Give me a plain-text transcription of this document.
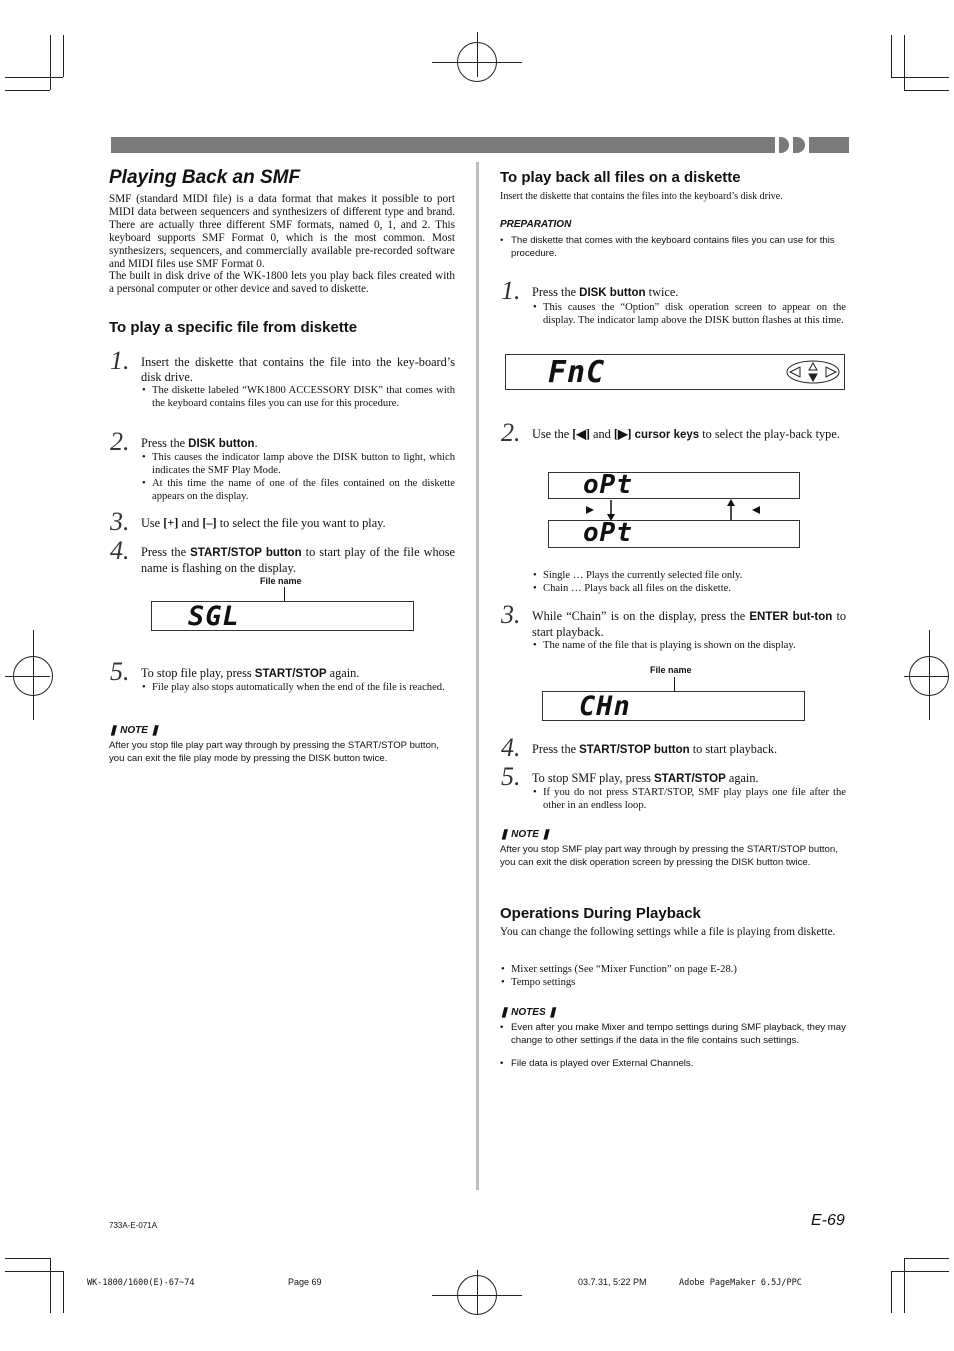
Playing Back an SMF
SMF (standard MIDI file) is a data format that makes it possible to port MIDI data between sequencers and synthesizers of different type and brand. There are actually three different SMF formats, named 0, 1, and 2. This keyboard supports SMF Format 0, which is the most common. Most synthesizers, sequencers, and commercially available pre-recorded software and MIDI files use SMF Format 0.
The built in disk drive of the WK-1800 lets you play back files created with a personal computer or other device and saved to diskette.
To play a specific file from diskette
1. Insert the diskette that contains the file into the key-board’s disk drive.
• The diskette labeled “WK1800 ACCESSORY DISK” that comes with the keyboard contains files you can use for this procedure.
2. Press the DISK button.
• This causes the indicator lamp above the DISK button to light, which indicates the SMF Play Mode.
• At this time the name of one of the files contained on the diskette appears on the display.
3. Use [+] and [–] to select the file you want to play.
4. Press the START/STOP button to start play of the file whose name is flashing on the display.
File name
SGL
5. To stop file play, press START/STOP again.
• File play also stops automatically when the end of the file is reached.
❚ NOTE ❚
After you stop file play part way through by pressing the START/STOP button, you can exit the file play mode by pressing the DISK button twice.
To play back all files on a diskette
Insert the diskette that contains the files into the keyboard’s disk drive.
PREPARATION
• The diskette that comes with the keyboard contains files you can use for this procedure.
1. Press the DISK button twice.
• This causes the “Option” disk operation screen to appear on the display. The indicator lamp above the DISK button flashes at this time.
FnC
2. Use the [◀] and [▶] cursor keys to select the play-back type.
oPt
oPt
• Single … Plays the currently selected file only.
• Chain … Plays back all files on the diskette.
3. While “Chain” is on the display, press the ENTER but-ton to start playback.
• The name of the file that is playing is shown on the display.
File name
CHn
4. Press the START/STOP button to start playback.
5. To stop SMF play, press START/STOP again.
• If you do not press START/STOP, SMF play plays one file after the other in an endless loop.
❚ NOTE ❚
After you stop SMF play part way through by pressing the START/STOP button, you can exit the disk operation screen by pressing the DISK button twice.
Operations During Playback
You can change the following settings while a file is playing from diskette.
• Mixer settings (See “Mixer Function” on page E-28.)
• Tempo settings
❚ NOTES ❚
• Even after you make Mixer and tempo settings during SMF playback, they may change to other settings if the data in the file contains such settings.
• File data is played over External Channels.
733A-E-071A	E-69
WK-1800/1600(E)-67~74	Page 69	03.7.31, 5:22 PM	Adobe PageMaker 6.5J/PPC
